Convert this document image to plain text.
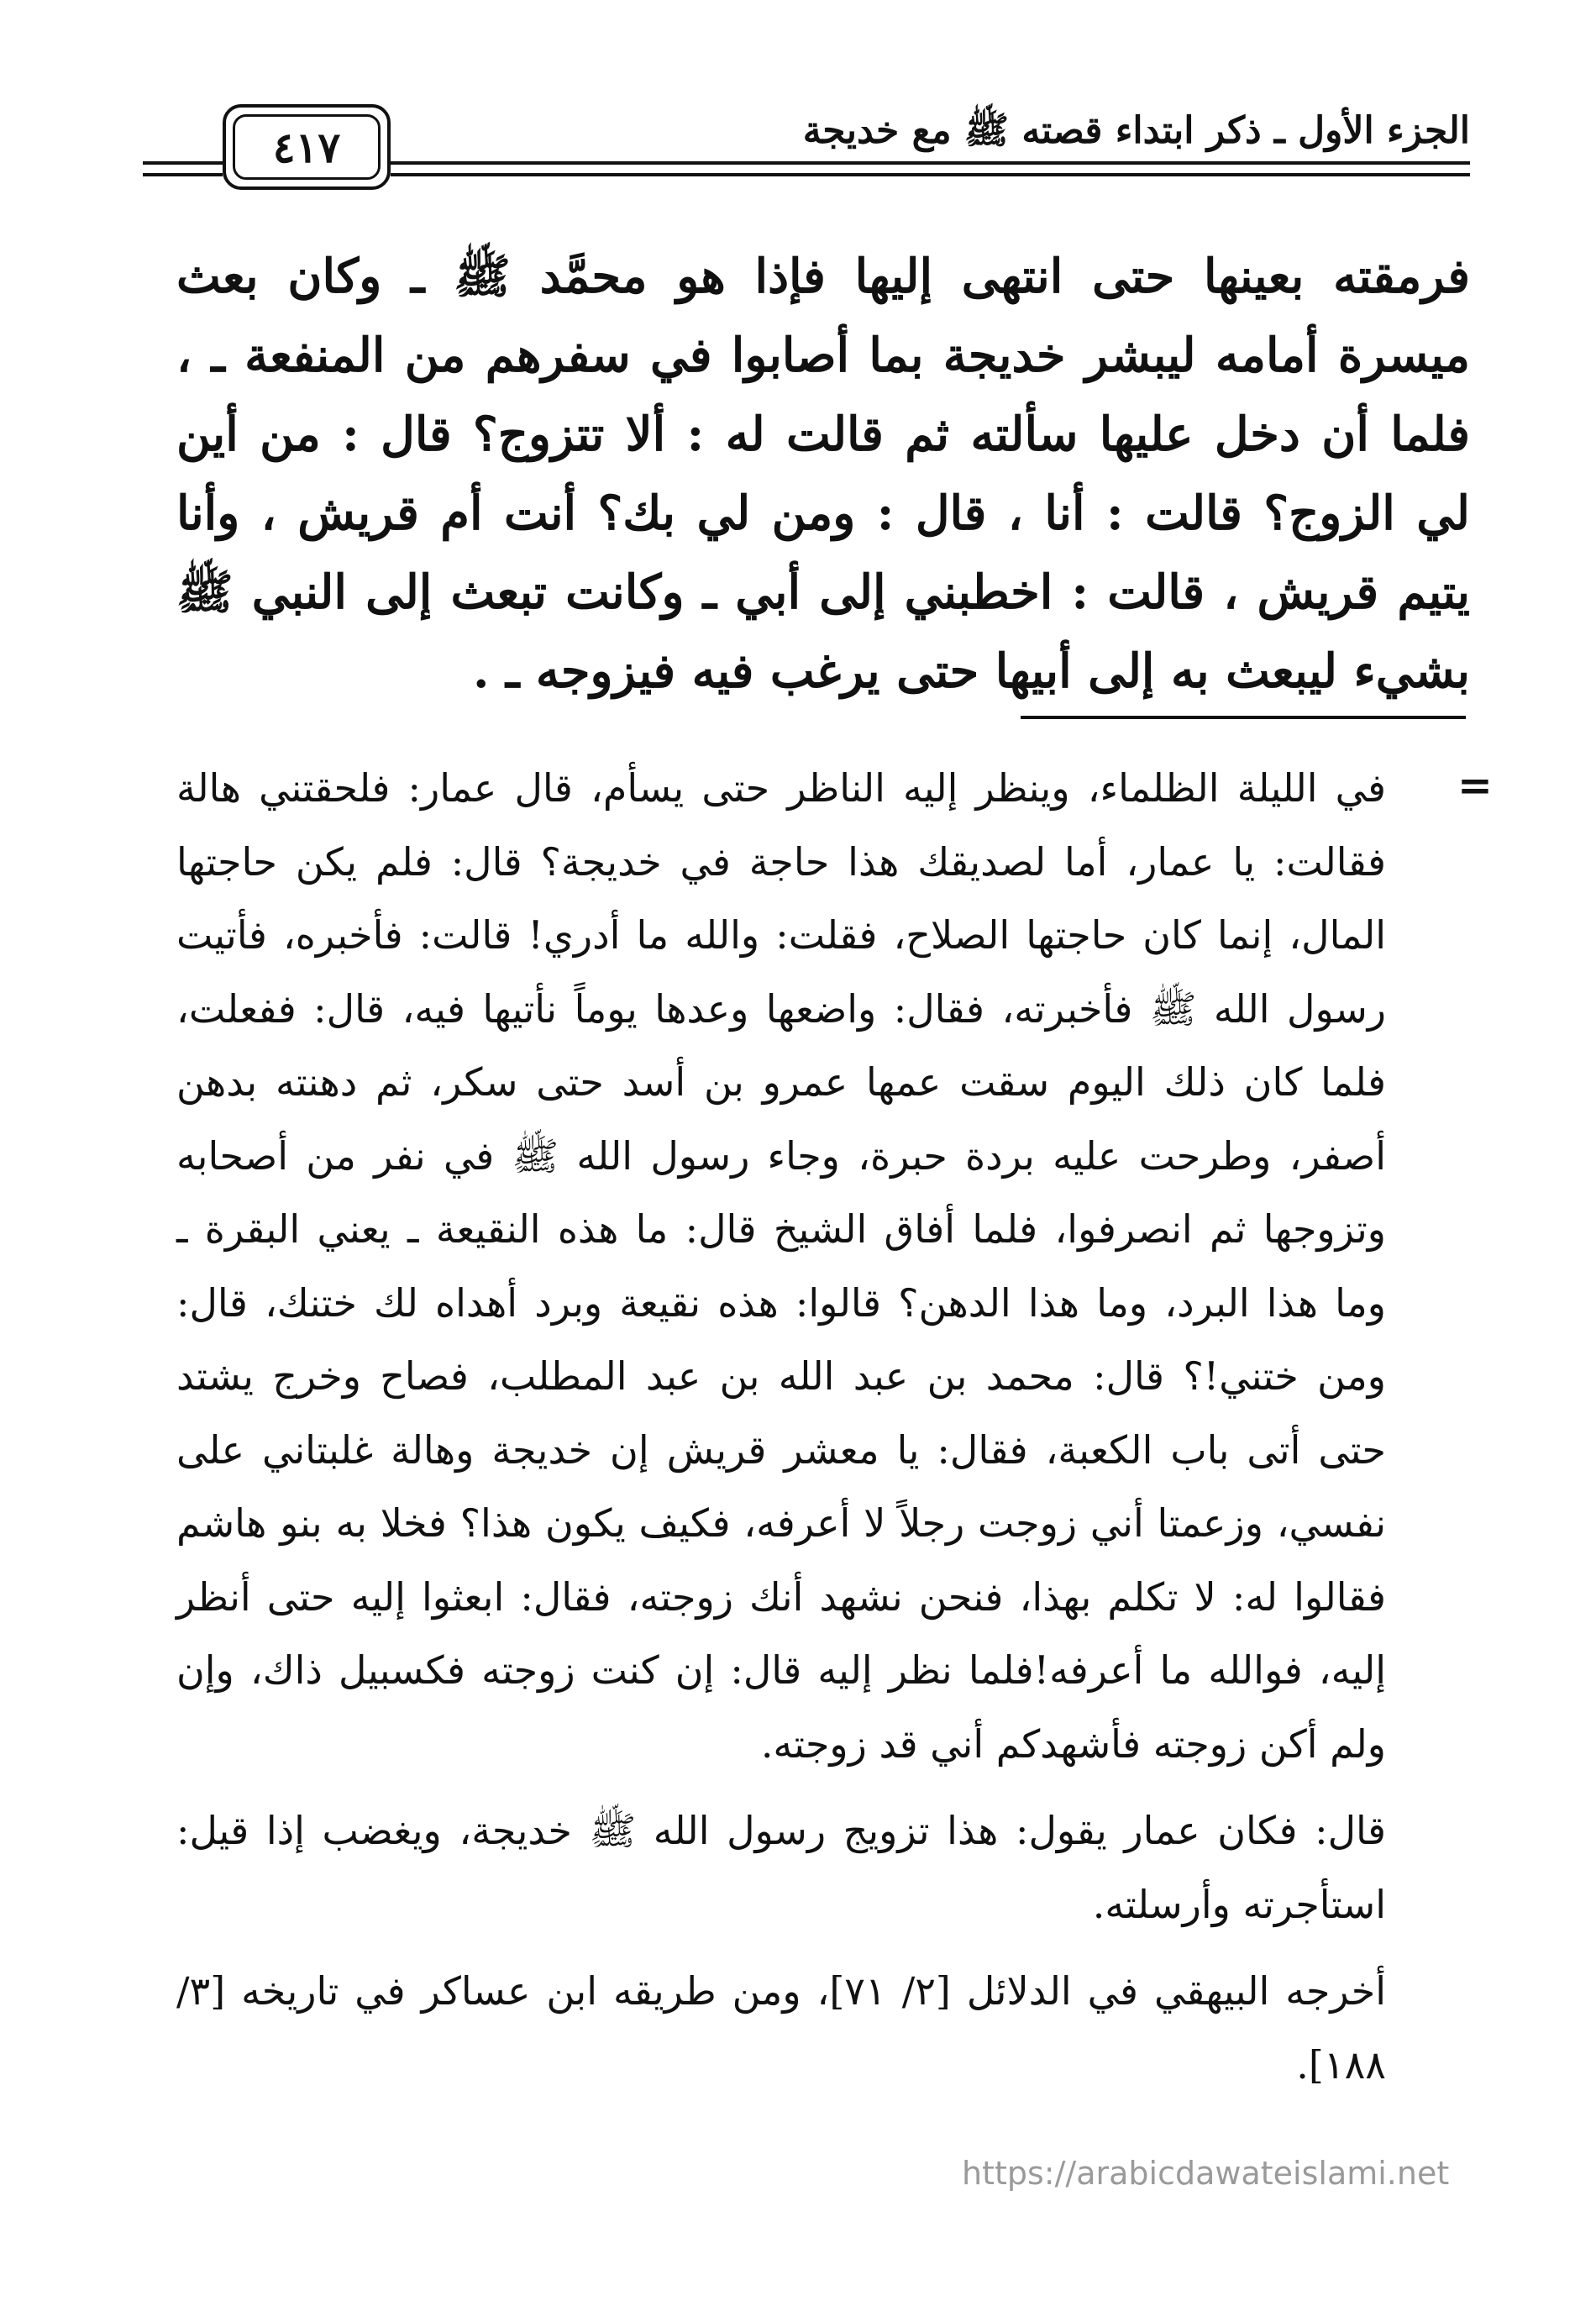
الجزء الأول ـ ذكر ابتداء قصته ﷺ مع خديجة
٤١٧
فرمقته بعينها حتى انتهى إليها فإذا هو محمَّد ﷺ ـ وكان بعث ميسرة أمامه ليبشر خديجة بما أصابوا في سفرهم من المنفعة ـ ، فلما أن دخل عليها سألته ثم قالت له : ألا تتزوج؟ قال : من أين لي الزوج؟ قالت : أنا ، قال : ومن لي بك؟ أنت أم قريش ، وأنا يتيم قريش ، قالت : اخطبني إلى أبي ـ وكانت تبعث إلى النبي ﷺ بشيء ليبعث به إلى أبيها حتى يرغب فيه فيزوجه ـ .
=

في الليلة الظلماء، وينظر إليه الناظر حتى يسأم، قال عمار: فلحقتني هالة فقالت: يا عمار، أما لصديقك هذا حاجة في خديجة؟ قال: فلم يكن حاجتها المال، إنما كان حاجتها الصلاح، فقلت: والله ما أدري! قالت: فأخبره، فأتيت رسول الله ﷺ فأخبرته، فقال: واضعها وعدها يوماً نأتيها فيه، قال: ففعلت، فلما كان ذلك اليوم سقت عمها عمرو بن أسد حتى سكر، ثم دهنته بدهن أصفر، وطرحت عليه بردة حبرة، وجاء رسول الله ﷺ في نفر من أصحابه وتزوجها ثم انصرفوا، فلما أفاق الشيخ قال: ما هذه النقيعة ـ يعني البقرة ـ وما هذا البرد، وما هذا الدهن؟ قالوا: هذه نقيعة وبرد أهداه لك ختنك، قال: ومن ختني!؟ قال: محمد بن عبد الله بن عبد المطلب، فصاح وخرج يشتد حتى أتى باب الكعبة، فقال: يا معشر قريش إن خديجة وهالة غلبتاني على نفسي، وزعمتا أني زوجت رجلاً لا أعرفه، فكيف يكون هذا؟ فخلا به بنو هاشم فقالوا له: لا تكلم بهذا، فنحن نشهد أنك زوجته، فقال: ابعثوا إليه حتى أنظر إليه، فوالله ما أعرفه!فلما نظر إليه قال: إن كنت زوجته فكسبيل ذاك، وإن ولم أكن زوجته فأشهدكم أني قد زوجته.

قال: فكان عمار يقول: هذا تزويج رسول الله ﷺ خديجة، ويغضب إذا قيل: استأجرته وأرسلته.

أخرجه البيهقي في الدلائل [٢/ ٧١]، ومن طريقه ابن عساكر في تاريخه [٣/ ١٨٨].

https://arabicdawateislami.net
